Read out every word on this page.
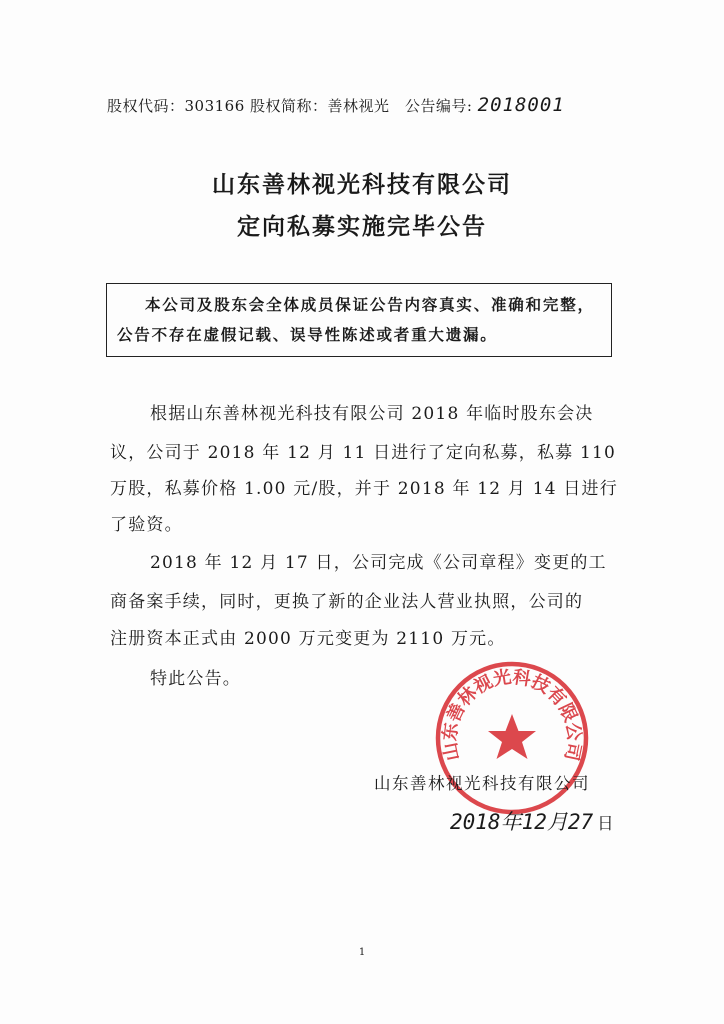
股权代码：303166 股权简称：善林视光 公告编号: 2018001
山东善林视光科技有限公司
定向私募实施完毕公告
本公司及股东会全体成员保证公告内容真实、准确和完整，
公告不存在虚假记载、误导性陈述或者重大遗漏。
根据山东善林视光科技有限公司 2018 年临时股东会决
议，公司于 2018 年 12 月 11 日进行了定向私募，私募 110
万股，私募价格 1.00 元/股，并于 2018 年 12 月 14 日进行
了验资。
2018 年 12 月 17 日，公司完成《公司章程》变更的工
商备案手续，同时，更换了新的企业法人营业执照，公司的
注册资本正式由 2000 万元变更为 2110 万元。
特此公告。
山东善林视光科技有限公司
山东善林视光科技有限公司
2018年12月27 日
1
